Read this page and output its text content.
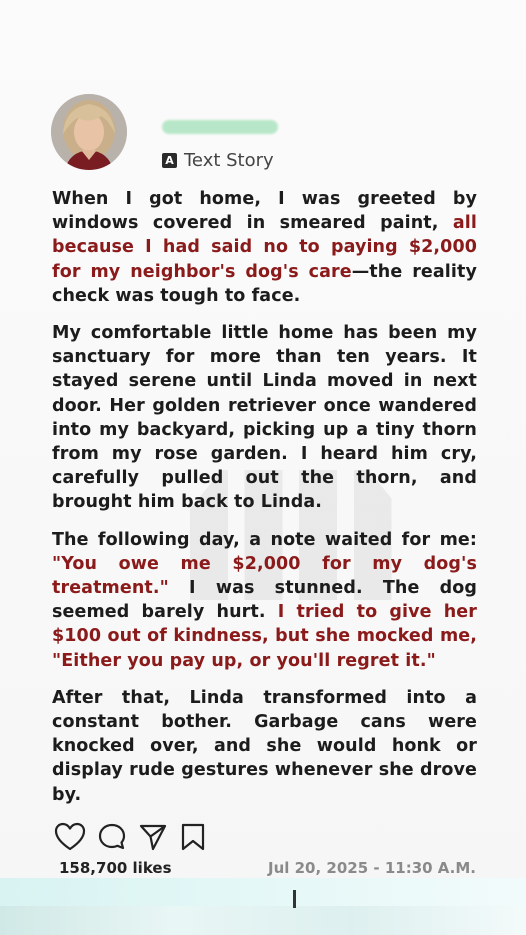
A Text Story

When I got home, I was greeted by windows covered in smeared paint, all because I had said no to paying $2,000 for my neighbor's dog's care—the reality check was tough to face.

My comfortable little home has been my sanctuary for more than ten years. It stayed serene until Linda moved in next door. Her golden retriever once wandered into my backyard, picking up a tiny thorn from my rose garden. I heard him cry, carefully pulled out the thorn, and brought him back to Linda.

The following day, a note waited for me: "You owe me $2,000 for my dog's treatment." I was stunned. The dog seemed barely hurt. I tried to give her $100 out of kindness, but she mocked me, "Either you pay up, or you'll regret it."

After that, Linda transformed into a constant bother. Garbage cans were knocked over, and she would honk or display rude gestures whenever she drove by.

158,700 likes	Jul 20, 2025 - 11:30 A.M.
